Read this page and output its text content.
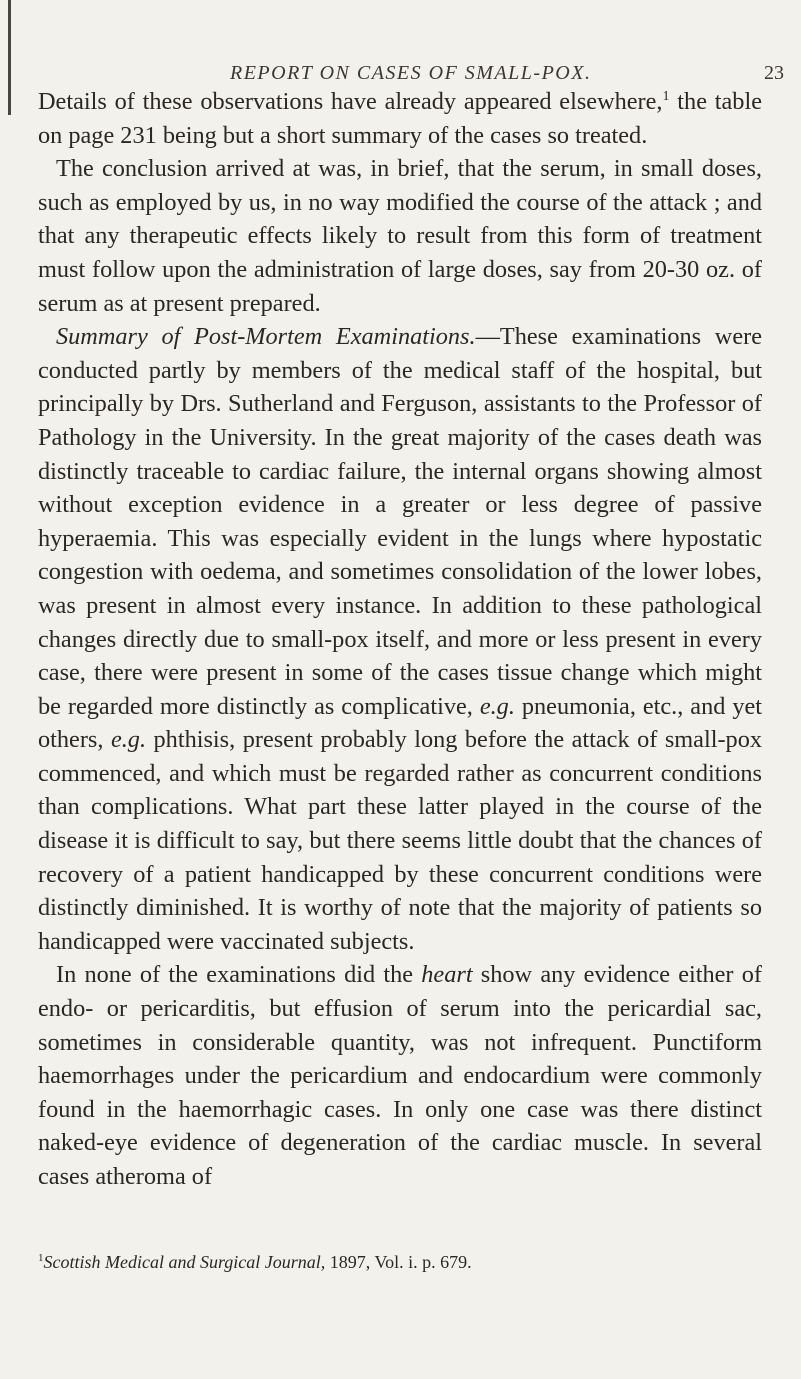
REPORT ON CASES OF SMALL-POX.	23

Details of these observations have already appeared elsewhere,$^1$ the table on page 231 being but a short summary of the cases so treated.

The conclusion arrived at was, in brief, that the serum, in small doses, such as employed by us, in no way modified the course of the attack ; and that any therapeutic effects likely to result from this form of treatment must follow upon the administration of large doses, say from 20-30 oz. of serum as at present prepared.

Summary of Post-Mortem Examinations.—These examinations were conducted partly by members of the medical staff of the hospital, but principally by Drs. Sutherland and Ferguson, assistants to the Professor of Pathology in the University. In the great majority of the cases death was distinctly traceable to cardiac failure, the internal organs showing almost without exception evidence in a greater or less degree of passive hyperaemia. This was especially evident in the lungs where hypostatic congestion with oedema, and sometimes consolidation of the lower lobes, was present in almost every instance. In addition to these pathological changes directly due to small-pox itself, and more or less present in every case, there were present in some of the cases tissue change which might be regarded more distinctly as complicative, e.g. pneumonia, etc., and yet others, e.g. phthisis, present probably long before the attack of small-pox commenced, and which must be regarded rather as concurrent conditions than complications. What part these latter played in the course of the disease it is difficult to say, but there seems little doubt that the chances of recovery of a patient handicapped by these concurrent conditions were distinctly diminished. It is worthy of note that the majority of patients so handicapped were vaccinated subjects.

In none of the examinations did the heart show any evidence either of endo- or pericarditis, but effusion of serum into the pericardial sac, sometimes in considerable quantity, was not infrequent. Punctiform haemorrhages under the pericardium and endocardium were commonly found in the haemorrhagic cases. In only one case was there distinct naked-eye evidence of degeneration of the cardiac muscle. In several cases atheroma of

$^1$Scottish Medical and Surgical Journal, 1897, Vol. i. p. 679.
